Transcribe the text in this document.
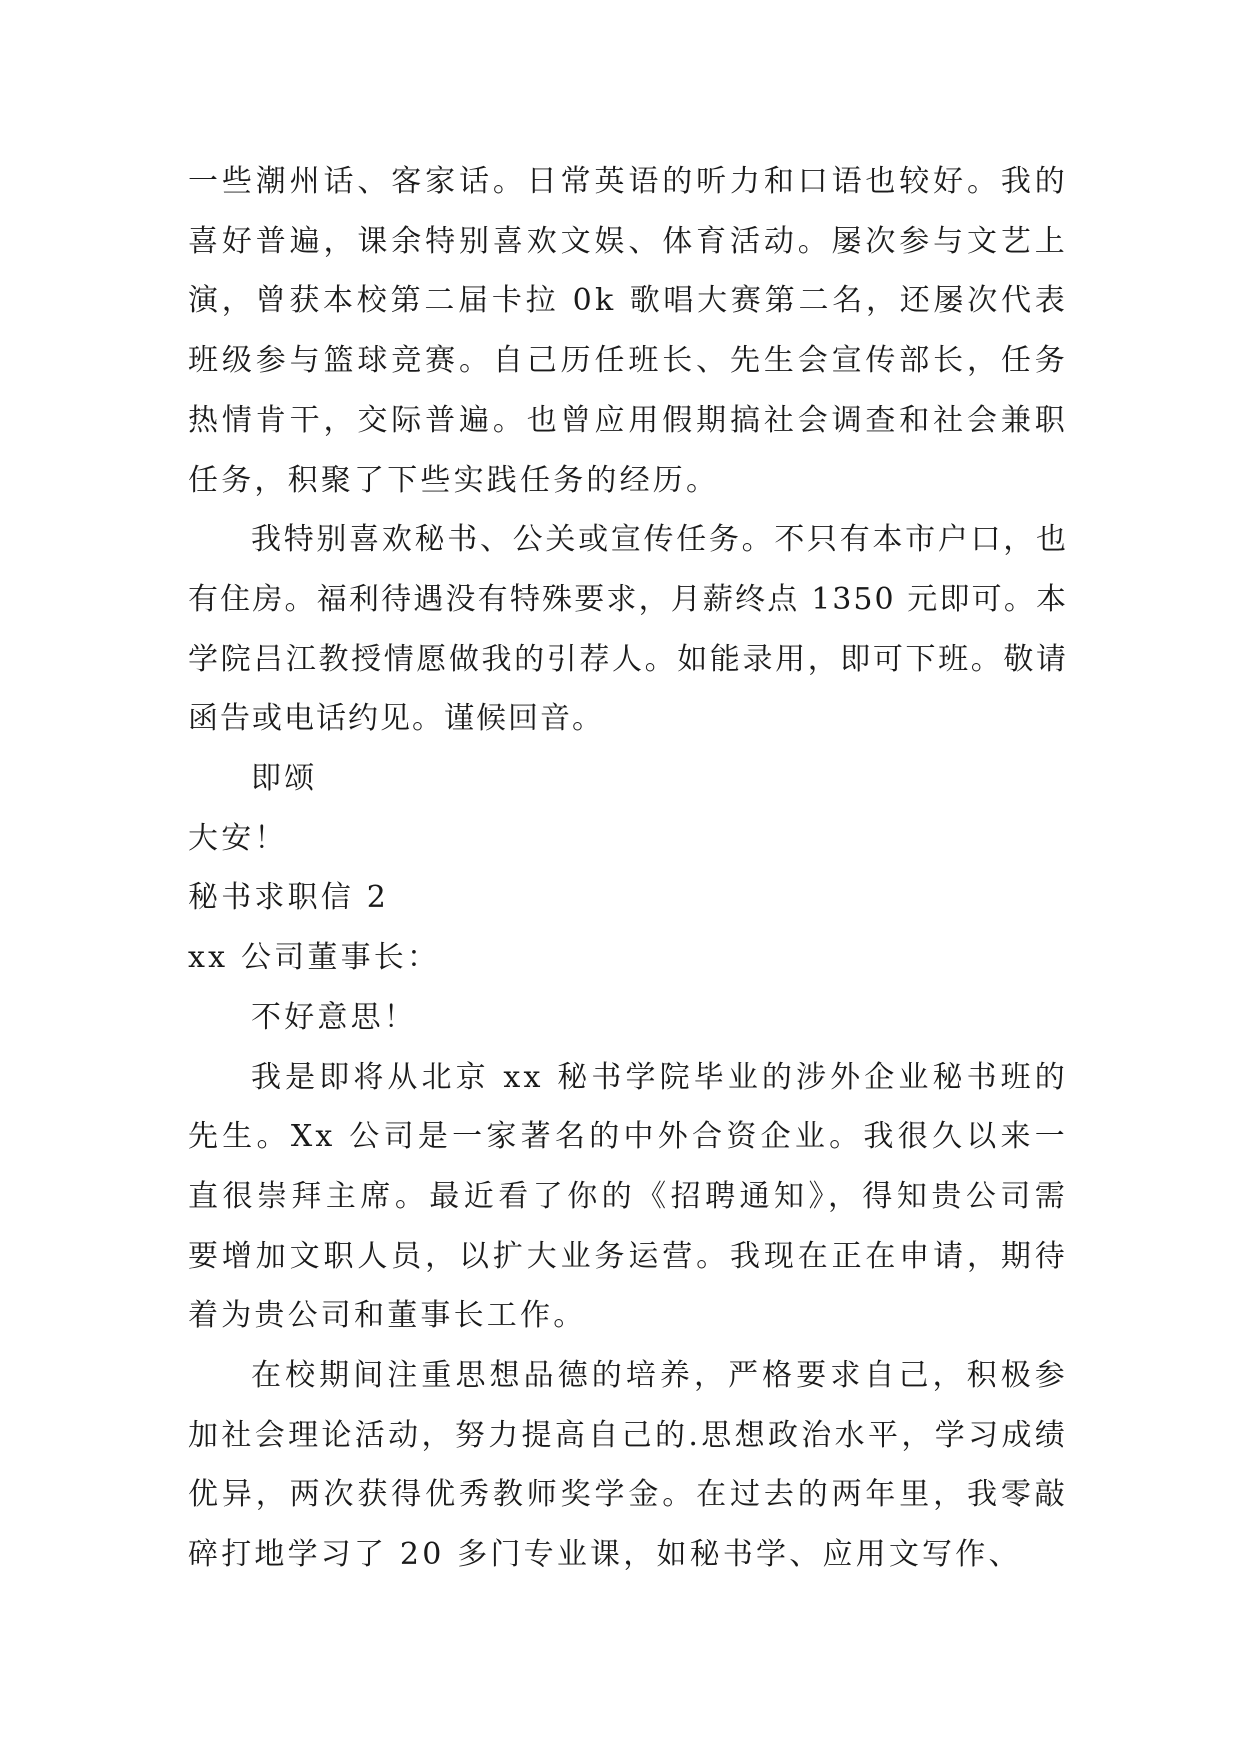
一些潮州话、客家话。日常英语的听力和口语也较好。我的喜好普遍，课余特别喜欢文娱、体育活动。屡次参与文艺上演，曾获本校第二届卡拉 0k 歌唱大赛第二名，还屡次代表班级参与篮球竞赛。自己历任班长、先生会宣传部长，任务热情肯干，交际普遍。也曾应用假期搞社会调查和社会兼职任务，积聚了下些实践任务的经历。

我特别喜欢秘书、公关或宣传任务。不只有本市户口，也有住房。福利待遇没有特殊要求，月薪终点 1350 元即可。本学院吕江教授情愿做我的引荐人。如能录用，即可下班。敬请函告或电话约见。谨候回音。

即颂

大安！

秘书求职信 2

xx 公司董事长：

不好意思！

我是即将从北京 xx 秘书学院毕业的涉外企业秘书班的先生。Xx 公司是一家著名的中外合资企业。我很久以来一直很崇拜主席。最近看了你的《招聘通知》，得知贵公司需要增加文职人员，以扩大业务运营。我现在正在申请，期待着为贵公司和董事长工作。

在校期间注重思想品德的培养，严格要求自己，积极参加社会理论活动，努力提高自己的.思想政治水平，学习成绩优异，两次获得优秀教师奖学金。在过去的两年里，我零敲碎打地学习了 20 多门专业课，如秘书学、应用文写作、
